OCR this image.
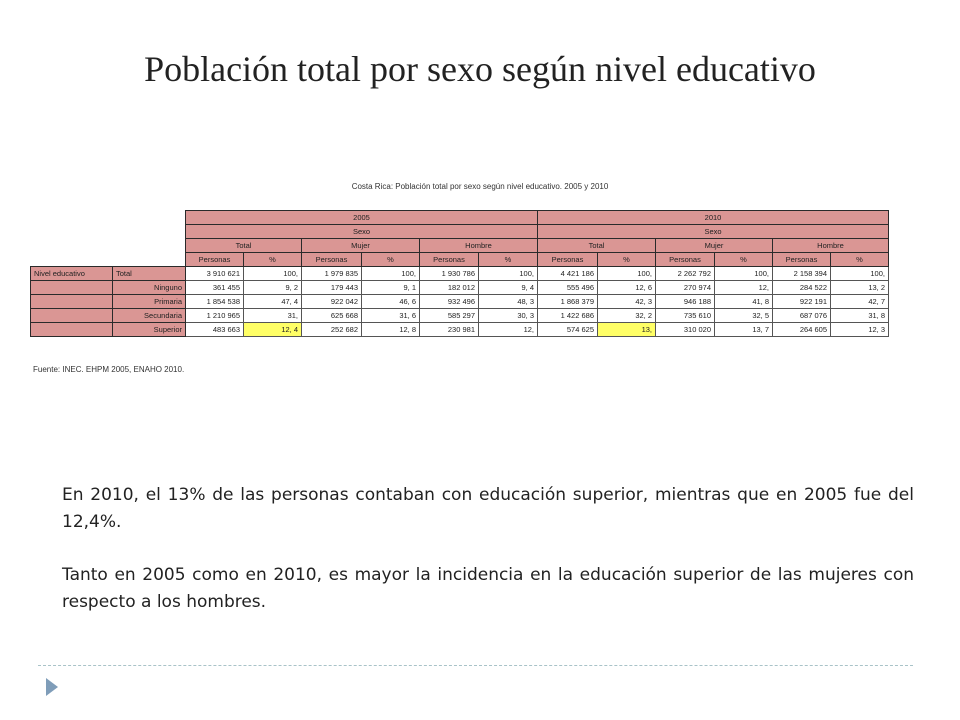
Población total por sexo según nivel educativo
Costa Rica: Población total por sexo según nivel educativo. 2005 y 2010
		2005						2010					
		Sexo						Sexo					
		Total		Mujer		Hombre		Total		Mujer		Hombre	
		Personas	%	Personas	%	Personas	%	Personas	%	Personas	%	Personas	%
Nivel educativo	Total	3 910 621	100,	1 979 835	100,	1 930 786	100,	4 421 186	100,	2 262 792	100,	2 158 394	100,
	Ninguno	361 455	9, 2	179 443	9, 1	182 012	9, 4	555 496	12, 6	270 974	12,	284 522	13, 2
	Primaria	1 854 538	47, 4	922 042	46, 6	932 496	48, 3	1 868 379	42, 3	946 188	41, 8	922 191	42, 7
	Secundaria	1 210 965	31,	625 668	31, 6	585 297	30, 3	1 422 686	32, 2	735 610	32, 5	687 076	31, 8
	Superior	483 663	12, 4	252 682	12, 8	230 981	12,	574 625	13,	310 020	13, 7	264 605	12, 3
Fuente: INEC. EHPM 2005, ENAHO 2010.
En 2010, el 13% de las personas contaban con educación superior, mientras que en 2005 fue del 12,4%.
Tanto en 2005 como en 2010, es mayor la incidencia en la educación superior de las mujeres con respecto a los hombres.
